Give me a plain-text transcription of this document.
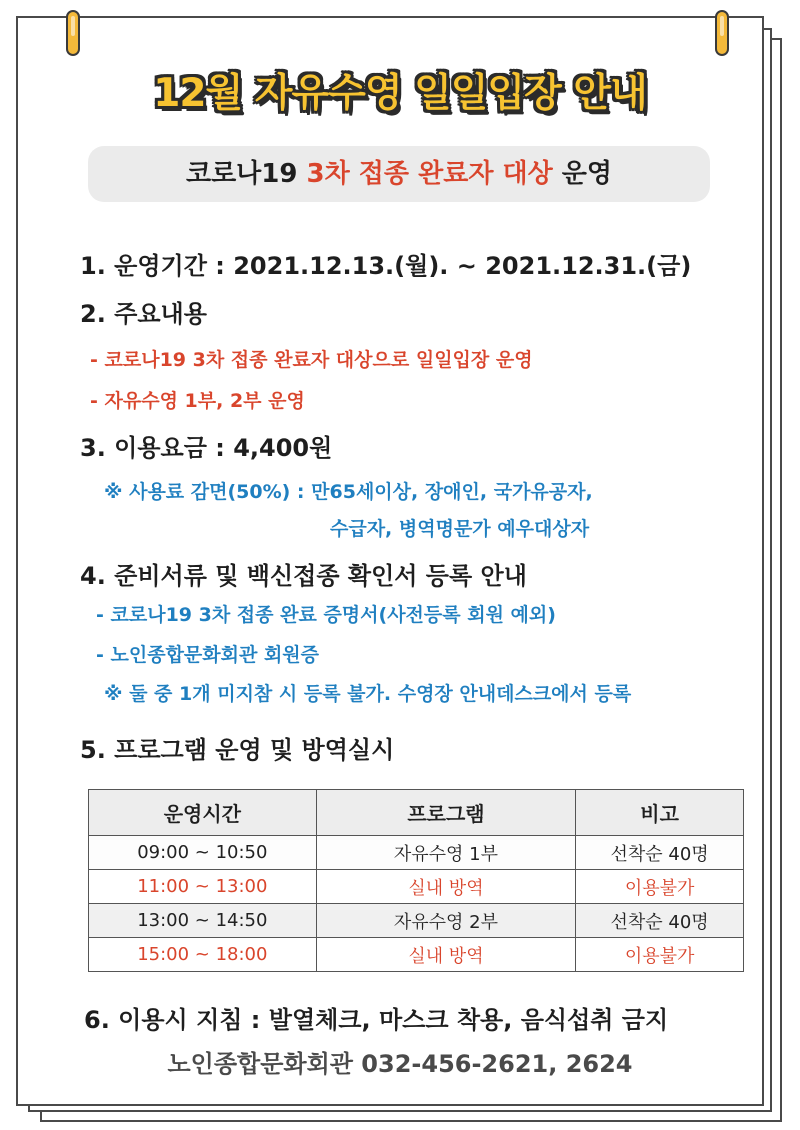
12월 자유수영 일일입장 안내
코로나19 3차 접종 완료자 대상 운영
1. 운영기간 : 2021.12.13.(월). ~ 2021.12.31.(금)
2. 주요내용
- 코로나19 3차 접종 완료자 대상으로 일일입장 운영
- 자유수영 1부, 2부 운영
3. 이용요금 : 4,400원
※ 사용료 감면(50%) : 만65세이상, 장애인, 국가유공자,
수급자, 병역명문가 예우대상자
4. 준비서류 및 백신접종 확인서 등록 안내
- 코로나19 3차 접종 완료 증명서(사전등록 회원 예외)
- 노인종합문화회관 회원증
※ 둘 중 1개 미지참 시 등록 불가. 수영장 안내데스크에서 등록
5. 프로그램 운영 및 방역실시
운영시간	프로그램	비고
09:00 ~ 10:50	자유수영 1부	선착순 40명
11:00 ~ 13:00	실내 방역	이용불가
13:00 ~ 14:50	자유수영 2부	선착순 40명
15:00 ~ 18:00	실내 방역	이용불가
6. 이용시 지침 : 발열체크, 마스크 착용, 음식섭취 금지
노인종합문화회관 032-456-2621, 2624
